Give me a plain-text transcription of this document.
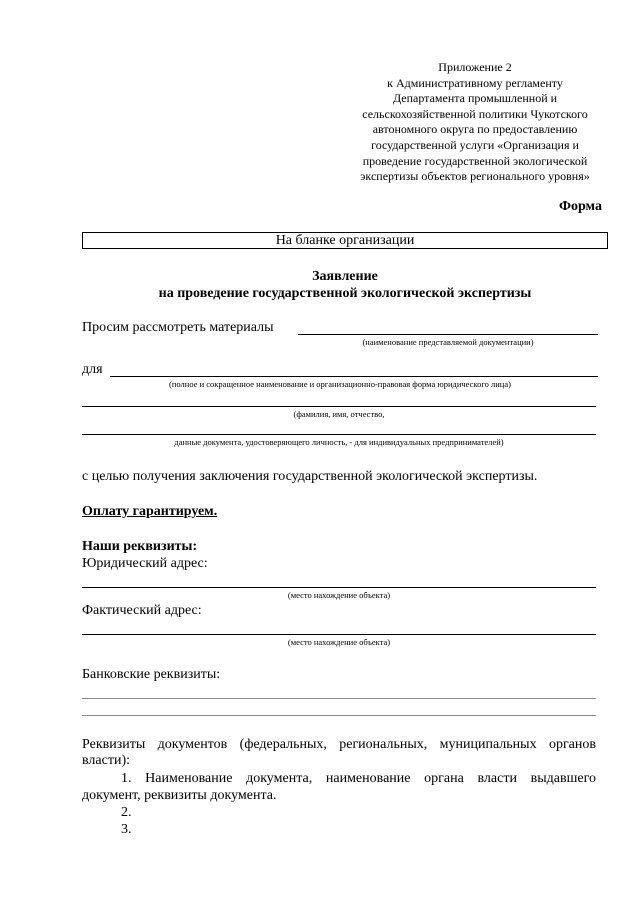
Приложение 2
к Административному регламенту
Департамента промышленной и
сельскохозяйственной политики Чукотского
автономного округа по предоставлению
государственной услуги «Организация и
проведение государственной экологической
экспертизы объектов регионального уровня»
Форма
На бланке организации
Заявление
на проведение государственной экологической экспертизы
Просим рассмотреть материалы
(наименование представляемой документации)
для
(полное и сокращенное наименование и организационно-правовая форма юридического лица)
(фамилия, имя, отчество,
данные документа, удостоверяющего личность, - для индивидуальных предпринимателей)
с целью получения заключения государственной экологической экспертизы.
Оплату гарантируем.
Наши реквизиты:
Юридический адрес:
(место нахождение объекта)
Фактический адрес:
(место нахождение объекта)
Банковские реквизиты:
Реквизиты документов (федеральных, региональных, муниципальных органов
власти):
1. Наименование документа, наименование органа власти выдавшего
документ, реквизиты документа.
2.
3.
